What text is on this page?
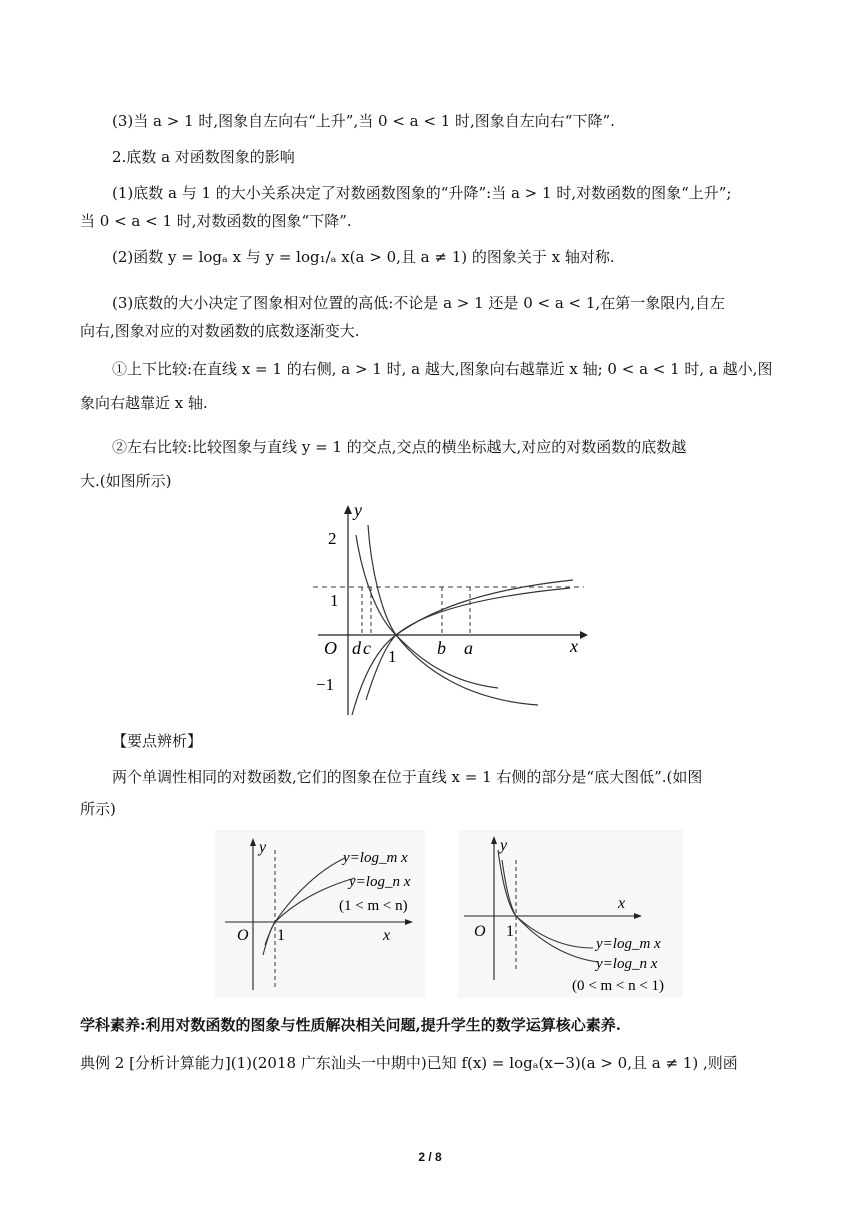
(3)当 a > 1 时,图象自左向右“上升”,当 0 < a < 1 时,图象自左向右“下降”.
2.底数 a 对函数图象的影响
(1)底数 a 与 1 的大小关系决定了对数函数图象的“升降”:当 a > 1 时,对数函数的图象“上升”;
当 0 < a < 1 时,对数函数的图象“下降”.
(2)函数 y = logₐ x 与 y = log₁/ₐ x(a > 0,且 a ≠ 1) 的图象关于 x 轴对称.
(3)底数的大小决定了图象相对位置的高低:不论是 a > 1 还是 0 < a < 1,在第一象限内,自左
向右,图象对应的对数函数的底数逐渐变大.
①上下比较:在直线 x = 1 的右侧, a > 1 时, a 越大,图象向右越靠近 x 轴; 0 < a < 1 时, a 越小,图
象向右越靠近 x 轴.
②左右比较:比较图象与直线 y = 1 的交点,交点的横坐标越大,对应的对数函数的底数越
大.(如图所示)
y
x
O
2
1
−1
1
d c	b a
【要点辨析】
两个单调性相同的对数函数,它们的图象在位于直线 x = 1 右侧的部分是“底大图低”.(如图
所示)
y
x
O 1
y=log_m x
y=log_n x
(1 < m < n)
y
x
O 1
y=log_m x
y=log_n x
(0 < m < n < 1)
学科素养:利用对数函数的图象与性质解决相关问题,提升学生的数学运算核心素养.
典例 2 [分析计算能力](1)(2018 广东汕头一中期中)已知 f(x) = logₐ(x−3)(a > 0,且 a ≠ 1) ,则函
2 / 8
